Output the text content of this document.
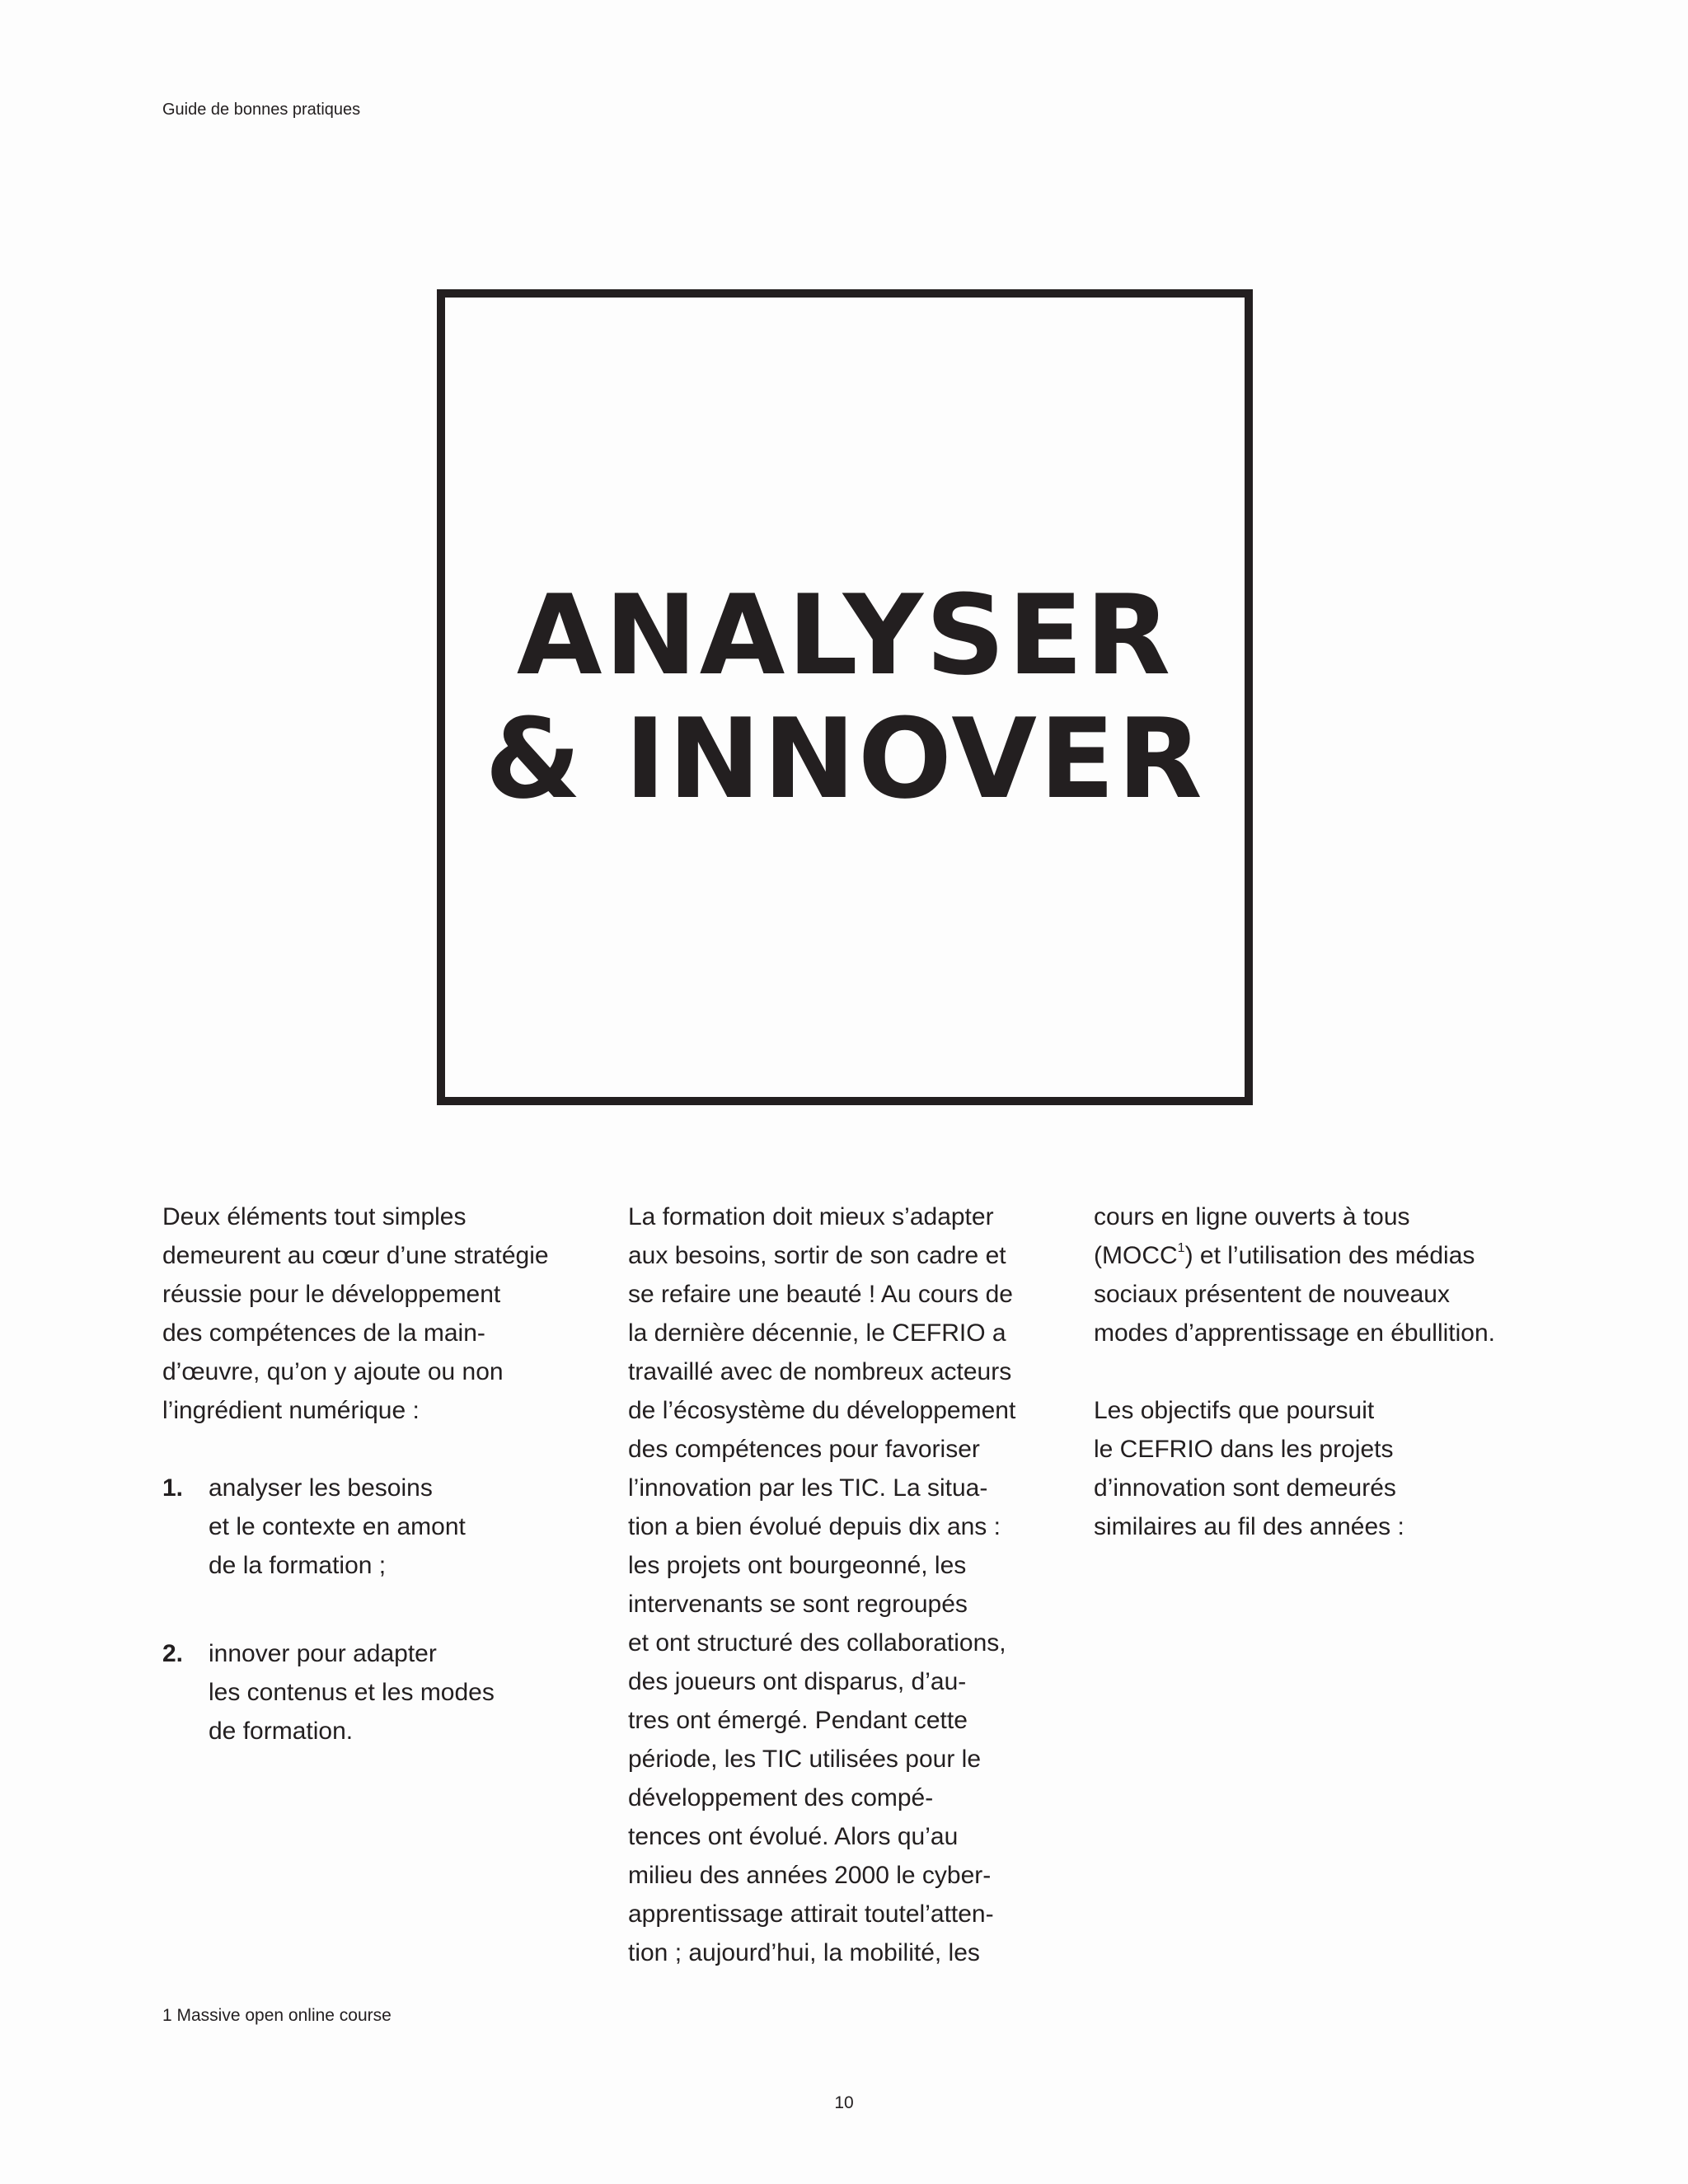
Guide de bonnes pratiques
ANALYSER
& INNOVER
Deux éléments tout simples
demeurent au cœur d’une stratégie
réussie pour le développement
des compétences de la main-
d’œuvre, qu’on y ajoute ou non
l’ingrédient numérique :
1. analyser les besoins
et le contexte en amont
de la formation ;
2. innover pour adapter
les contenus et les modes
de formation.
La formation doit mieux s’adapter
aux besoins, sortir de son cadre et
se refaire une beauté ! Au cours de
la dernière décennie, le CEFRIO a
travaillé avec de nombreux acteurs
de l’écosystème du développement
des compétences pour favoriser
l’innovation par les TIC. La situa-
tion a bien évolué depuis dix ans :
les projets ont bourgeonné, les
intervenants se sont regroupés
et ont structuré des collaborations,
des joueurs ont disparus, d’au-
tres ont émergé. Pendant cette
période, les TIC utilisées pour le
développement des compé-
tences ont évolué. Alors qu’au
milieu des années 2000 le cyber-
apprentissage attirait toutel’atten-
tion ; aujourd’hui, la mobilité, les
cours en ligne ouverts à tous
(MOCC$^1$) et l’utilisation des médias
sociaux présentent de nouveaux
modes d’apprentissage en ébullition.
Les objectifs que poursuit
le CEFRIO dans les projets
d’innovation sont demeurés
similaires au fil des années :
1 Massive open online course
10
